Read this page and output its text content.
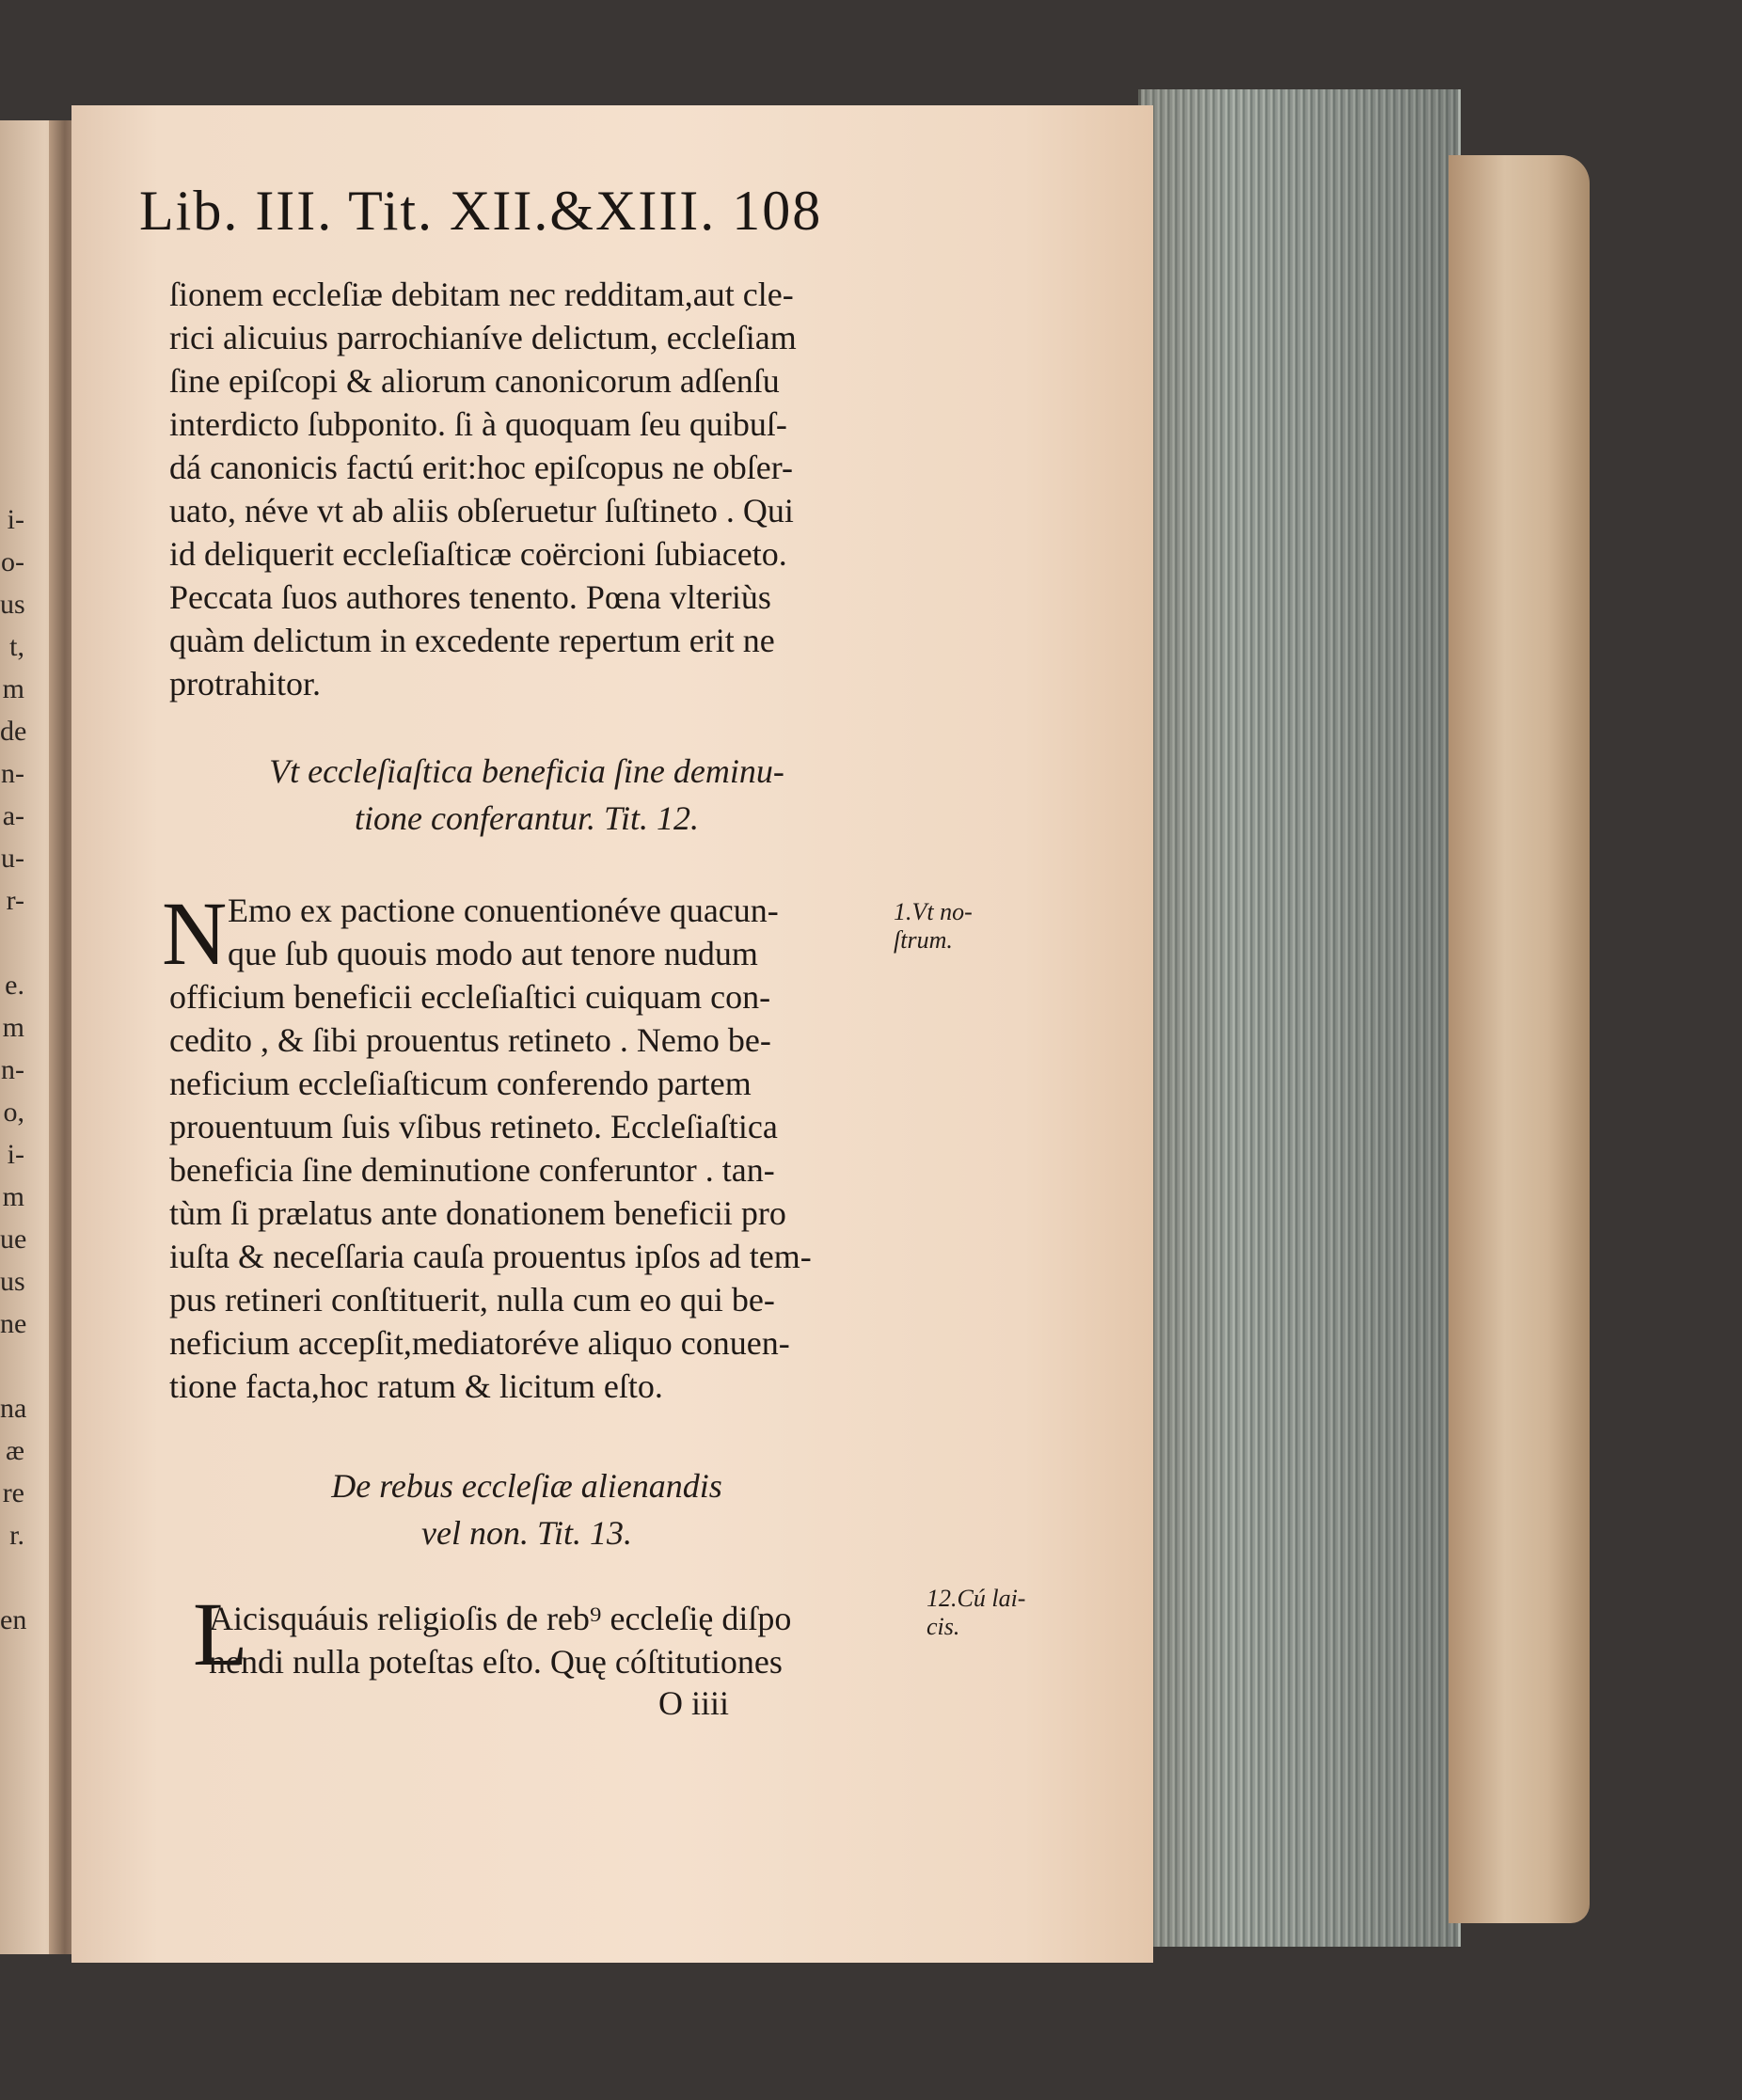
i-
o-
us
t,
m
de
n-
a-
u-
r-
e.
m
n-
o,
i-
m
ue
us
ne
na
æ
re
r.
en
Lib. III. Tit. XII.&XIII. 108
ſionem eccleſiæ debitam nec redditam,aut cle-
rici alicuius parrochianíve delictum, eccleſiam
ſine epiſcopi & aliorum canonicorum adſenſu
interdicto ſubponito. ſi à quoquam ſeu quibuſ-
dá canonicis factú erit:hoc epiſcopus ne obſer-
uato, néve vt ab aliis obſeruetur ſuſtineto . Qui
id deliquerit eccleſiaſticæ coërcioni ſubiaceto.
Peccata ſuos authores tenento. Pœna vlteriùs
quàm delictum in excedente repertum erit ne
protrahitor.
Vt eccleſiaſtica beneficia ſine deminu-
tione conferantur. Tit. 12.
N Emo ex pactione conuentionéve quacun-
que ſub quouis modo aut tenore nudum
officium beneficii eccleſiaſtici cuiquam con-
cedito , & ſibi prouentus retineto . Nemo be-
neficium eccleſiaſticum conferendo partem
prouentuum ſuis vſibus retineto. Eccleſiaſtica
beneficia ſine deminutione conferuntor . tan-
tùm ſi prælatus ante donationem beneficii pro
iuſta & neceſſaria cauſa prouentus ipſos ad tem-
pus retineri conſtituerit, nulla cum eo qui be-
neficium accepſit,mediatoréve aliquo conuen-
tione facta,hoc ratum & licitum eſto.
1.Vt no-
ſtrum.
De rebus eccleſiæ alienandis
vel non. Tit. 13.
L
Aicisquáuis religioſis de reb⁹ eccleſię diſpo
nendi nulla poteſtas eſto. Quę cóſtitutiones
12.Cú lai-
cis.
O iiii
